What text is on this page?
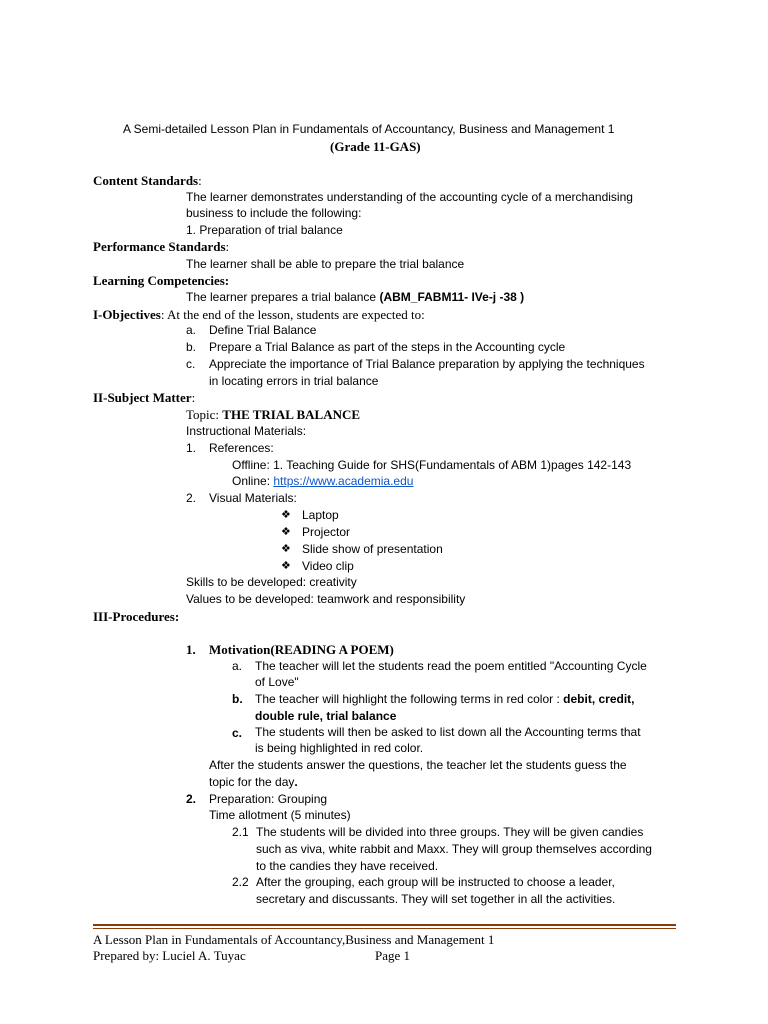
A Semi-detailed Lesson Plan in Fundamentals of Accountancy, Business and Management 1
(Grade 11-GAS)
Content Standards:
The learner demonstrates understanding of the accounting cycle of a merchandising
business to include the following:
1. Preparation of trial balance
Performance Standards:
The learner shall be able to prepare the trial balance
Learning Competencies:
The learner prepares a trial balance (ABM_FABM11- IVe-j -38 )
I-Objectives: At the end of the lesson, students are expected to:
a. Define Trial Balance
b. Prepare a Trial Balance as part of the steps in the Accounting cycle
c. Appreciate the importance of Trial Balance preparation by applying the techniques
in locating errors in trial balance
II-Subject Matter:
Topic: THE TRIAL BALANCE
Instructional Materials:
1. References:
Offline: 1. Teaching Guide for SHS(Fundamentals of ABM 1)pages 142-143
Online: https://www.academia.edu
2. Visual Materials:
❖ Laptop
❖ Projector
❖ Slide show of presentation
❖ Video clip
Skills to be developed: creativity
Values to be developed: teamwork and responsibility
III-Procedures:
1. Motivation(READING A POEM)
a. The teacher will let the students read the poem entitled "Accounting Cycle
of Love"
b. The teacher will highlight the following terms in red color : debit, credit,
double rule, trial balance
c. The students will then be asked to list down all the Accounting terms that
is being highlighted in red color.
After the students answer the questions, the teacher let the students guess the
topic for the day.
2. Preparation: Grouping
Time allotment (5 minutes)
2.1 The students will be divided into three groups. They will be given candies
such as viva, white rabbit and Maxx. They will group themselves according
to the candies they have received.
2.2 After the grouping, each group will be instructed to choose a leader,
secretary and discussants. They will set together in all the activities.
A Lesson Plan in Fundamentals of Accountancy,Business and Management 1
Prepared by: Luciel A. Tuyac	Page 1
